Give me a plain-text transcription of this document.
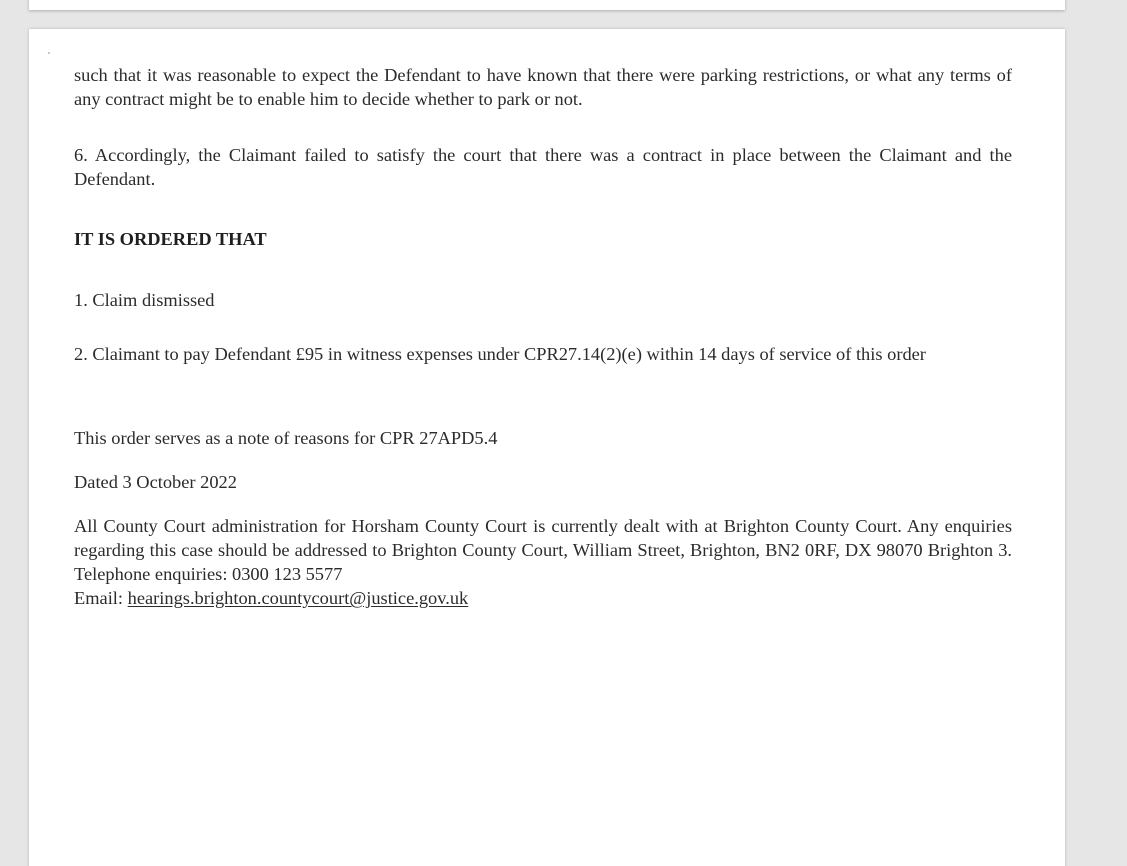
such that it was reasonable to expect the Defendant to have known that there were parking restrictions, or what any terms of any contract might be to enable him to decide whether to park or not.

6. Accordingly, the Claimant failed to satisfy the court that there was a contract in place between the Claimant and the Defendant.

IT IS ORDERED THAT

1. Claim dismissed

2. Claimant to pay Defendant £95 in witness expenses under CPR27.14(2)(e) within 14 days of service of this order

This order serves as a note of reasons for CPR 27APD5.4

Dated 3 October 2022

All County Court administration for Horsham County Court is currently dealt with at Brighton County Court. Any enquiries regarding this case should be addressed to Brighton County Court, William Street, Brighton, BN2 0RF, DX 98070 Brighton 3. Telephone enquiries: 0300 123 5577

Email: hearings.brighton.countycourt@justice.gov.uk
